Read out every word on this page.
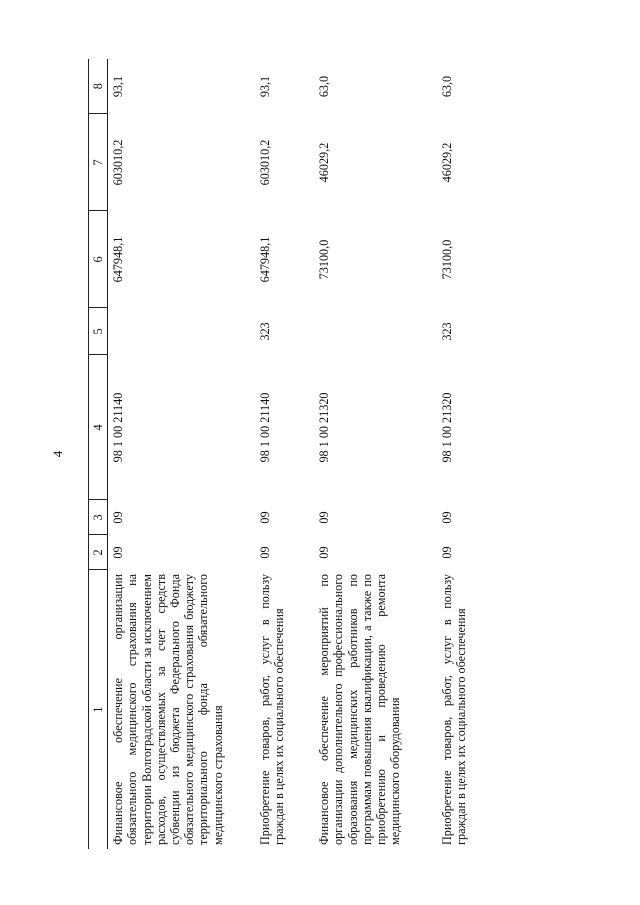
4
1	2	3	4	5	6	7	8
Финансовое обеспечение организации обязательного медицинского страхования на территории Волгоградской области за исключением расходов, осуществляемых за счет средств субвенции из бюджета Федерального Фонда обязательного медицинского страхования бюджету территориального фонда обязательного медицинского страхования	09	09	98 1 00 21140		647948,1	603010,2	93,1
Приобретение товаров, работ, услуг в пользу граждан в целях их социального обеспечения	09	09	98 1 00 21140	323	647948,1	603010,2	93,1
Финансовое обеспечение мероприятий по организации дополнительного профессионального образования медицинских работников по программам повышения квалификации, а также по приобретению и проведению ремонта медицинского оборудования	09	09	98 1 00 21320		73100,0	46029,2	63,0
Приобретение товаров, работ, услуг в пользу граждан в целях их социального обеспечения	09	09	98 1 00 21320	323	73100,0	46029,2	63,0
